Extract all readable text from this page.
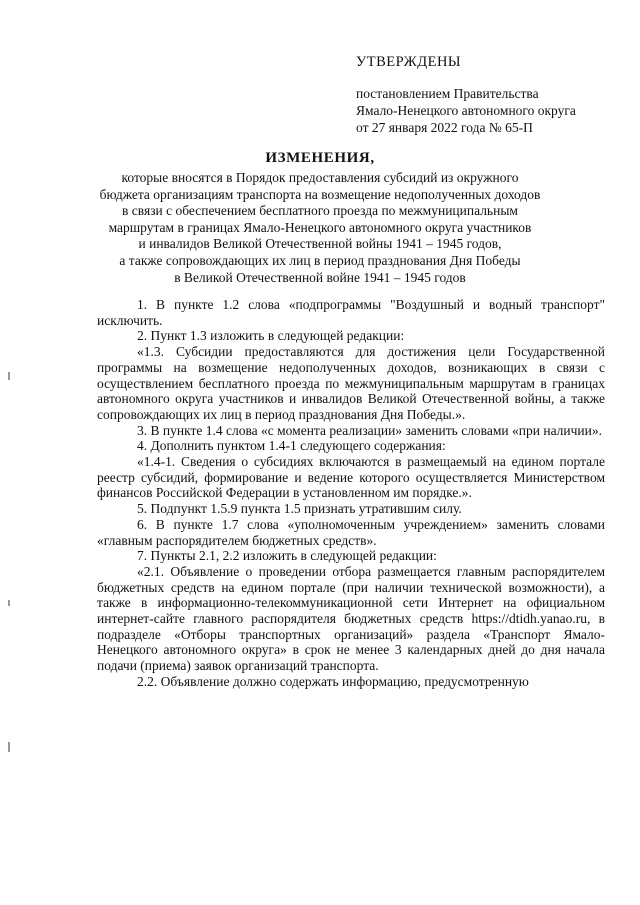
УТВЕРЖДЕНЫ
постановлением Правительства
Ямало-Ненецкого автономного округа
от 27 января 2022 года № 65-П
ИЗМЕНЕНИЯ,
которые вносятся в Порядок предоставления субсидий из окружного
бюджета организациям транспорта на возмещение недополученных доходов
в связи с обеспечением бесплатного проезда по межмуниципальным
маршрутам в границах Ямало-Ненецкого автономного округа участников
и инвалидов Великой Отечественной войны 1941 – 1945 годов,
а также сопровождающих их лиц в период празднования Дня Победы
в Великой Отечественной войне 1941 – 1945 годов

1. В пункте 1.2 слова «подпрограммы "Воздушный и водный транспорт" исключить.

2. Пункт 1.3 изложить в следующей редакции:

«1.3. Субсидии предоставляются для достижения цели Государственной программы на возмещение недополученных доходов, возникающих в связи с осуществлением бесплатного проезда по межмуниципальным маршрутам в границах автономного округа участников и инвалидов Великой Отечественной войны, а также сопровождающих их лиц в период празднования Дня Победы.».

3. В пункте 1.4 слова «с момента реализации» заменить словами «при наличии».

4. Дополнить пунктом 1.4-1 следующего содержания:

«1.4-1. Сведения о субсидиях включаются в размещаемый на едином портале реестр субсидий, формирование и ведение которого осуществляется Министерством финансов Российской Федерации в установленном им порядке.».

5. Подпункт 1.5.9 пункта 1.5 признать утратившим силу.

6. В пункте 1.7 слова «уполномоченным учреждением» заменить словами «главным распорядителем бюджетных средств».

7. Пункты 2.1, 2.2 изложить в следующей редакции:

«2.1. Объявление о проведении отбора размещается главным распорядителем бюджетных средств на едином портале (при наличии технической возможности), а также в информационно-телекоммуникационной сети Интернет на официальном интернет-сайте главного распорядителя бюджетных средств https://dtidh.yanao.ru, в подразделе «Отборы транспортных организаций» раздела «Транспорт Ямало-Ненецкого автономного округа» в срок не менее 3 календарных дней до дня начала подачи (приема) заявок организаций транспорта.

2.2. Объявление должно содержать информацию, предусмотренную
